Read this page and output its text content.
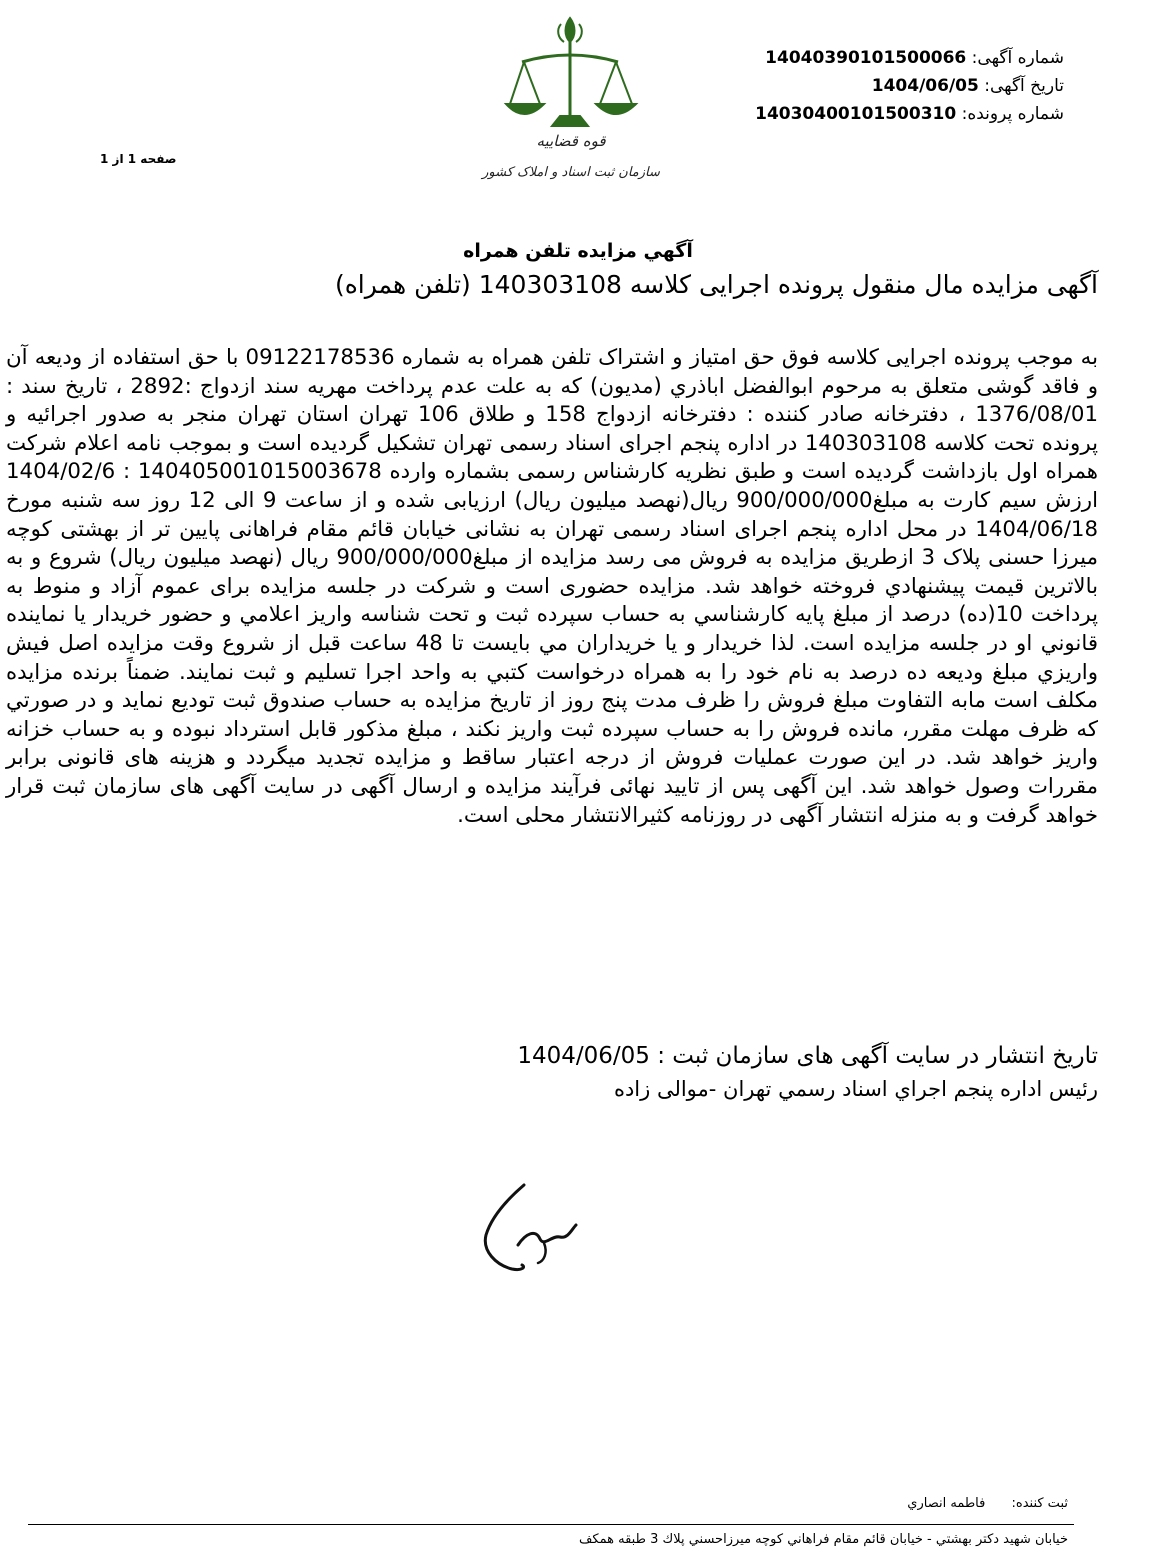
قوه قضاییه
سازمان ثبت اسناد و املاک کشور
شماره آگهی: 14040390101500066
تاریخ آگهی: 1404/06/05
شماره پرونده: 14030400101500310
صفحه 1 از 1
آگهي مزايده تلفن همراه
آگهی مزایده مال منقول پرونده اجرایی کلاسه 140303108 (تلفن همراه)
به موجب پرونده اجرایی کلاسه فوق حق امتیاز و اشتراک تلفن همراه به شماره 09122178536 با حق استفاده از ودیعه آن و فاقد گوشی متعلق به مرحوم ابوالفضل اباذري (مدیون) که به علت عدم پرداخت مهریه سند ازدواج :2892 ، تاریخ سند : 1376/08/01 ، دفترخانه صادر کننده : دفترخانه ازدواج 158 و طلاق 106 تهران استان تهران منجر به صدور اجرائیه و پرونده تحت کلاسه 140303108 در اداره پنجم اجرای اسناد رسمی تهران تشکیل گردیده است و بموجب نامه اعلام شرکت همراه اول بازداشت گردیده است و طبق نظریه کارشناس رسمی بشماره وارده 140405001015003678 : 1404/02/6 ارزش سیم کارت به مبلغ900/000/000 ریال(نهصد میلیون ریال) ارزیابی شده و از ساعت 9 الی 12 روز سه شنبه مورخ 1404/06/18 در محل اداره پنجم اجرای اسناد رسمی تهران به نشانی خیابان قائم مقام فراهانی پایین تر از بهشتی کوچه میرزا حسنی پلاک 3 ازطریق مزایده به فروش می رسد مزایده از مبلغ900/000/000 ریال (نهصد میلیون ریال) شروع و به بالاترين قيمت پيشنهادي فروخته خواهد شد. مزایده حضوری است و شرکت در جلسه مزایده برای عموم آزاد و منوط به پرداخت 10(ده) درصد از مبلغ پايه كارشناسي به حساب سپرده ثبت و تحت شناسه واريز اعلامي و حضور خريدار يا نماينده قانوني او در جلسه مزايده است. لذا خريدار و يا خريداران مي بايست تا 48 ساعت قبل از شروع وقت مزايده اصل فيش واريزي مبلغ وديعه ده درصد به نام خود را به همراه درخواست كتبي به واحد اجرا تسليم و ثبت نمايند. ضمناً برنده مزايده مكلف است مابه التفاوت مبلغ فروش را ظرف مدت پنج روز از تاریخ مزایده به حساب صندوق ثبت توديع نمايد و در صورتي كه ظرف مهلت مقرر، مانده فروش را به حساب سپرده ثبت واريز نكند ، مبلغ مذكور قابل استرداد نبوده و به حساب خزانه واريز خواهد شد. در این صورت عملیات فروش از درجه اعتبار ساقط و مزایده تجدید میگردد و هزینه های قانونی برابر مقررات وصول خواهد شد. این آگهی پس از تایید نهائی فرآیند مزایده و ارسال آگهی در سایت آگهی های سازمان ثبت قرار خواهد گرفت و به منزله انتشار آگهی در روزنامه کثیرالانتشار محلی است.
تاریخ انتشار در سایت آگهی های سازمان ثبت : 1404/06/05
رئيس اداره پنجم اجراي اسناد رسمي تهران -موالی زاده
ثبت کننده: فاطمه انصاري
خيابان شهيد دكتر بهشتي - خيابان قائم مقام فراهاني كوچه ميرزاحسني پلاك 3 طبقه همكف
